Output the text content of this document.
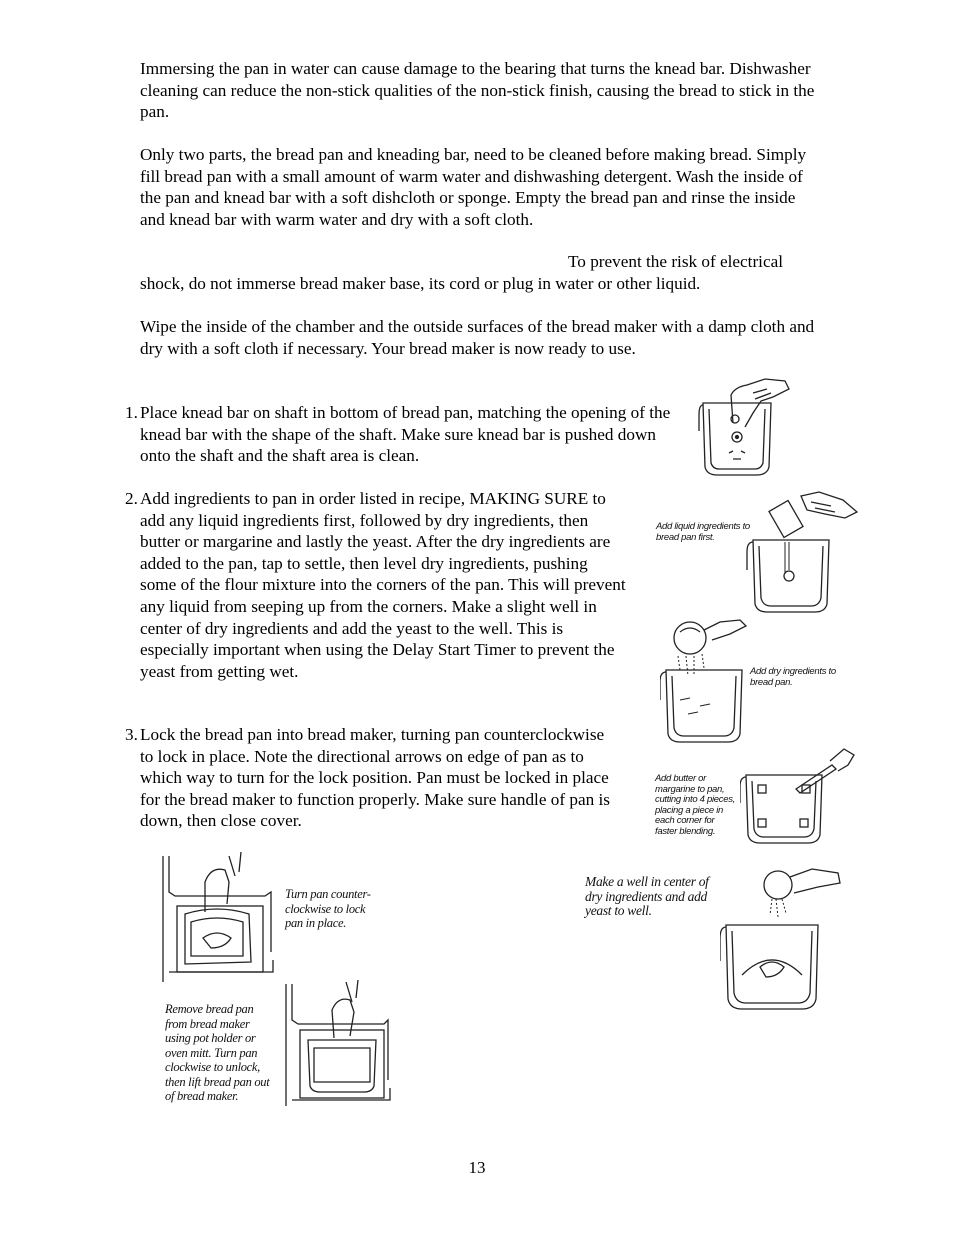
Immersing the pan in water can cause damage to the bearing that turns the knead bar. Dishwasher cleaning can reduce the non-stick qualities of the non-stick finish, causing the bread to stick in the pan.

Only two parts, the bread pan and kneading bar, need to be cleaned before making bread. Simply fill bread pan with a small amount of warm water and dishwashing detergent. Wash the inside of the pan and knead bar with a soft dishcloth or sponge. Empty the bread pan and rinse the inside and knead bar with warm water and dry with a soft cloth.

To prevent the risk of electrical
shock, do not immerse bread maker base, its cord or plug in water or other liquid.

Wipe the inside of the chamber and the outside surfaces of the bread maker with a damp cloth and dry with a soft cloth if necessary. Your bread maker is now ready to use.

1. Place knead bar on shaft in bottom of bread pan, matching the opening of the knead bar with the shape of the shaft. Make sure knead bar is pushed down onto the shaft and the shaft area is clean.
2. Add ingredients to pan in order listed in recipe, MAKING SURE to add any liquid ingredients first, followed by dry ingredients, then butter or margarine and lastly the yeast. After the dry ingredients are added to the pan, tap to settle, then level dry ingredients, pushing some of the flour mixture into the corners of the pan. This will prevent any liquid from seeping up from the corners. Make a slight well in center of dry ingredients and add the yeast to the well. This is especially important when using the Delay Start Timer to prevent the yeast from getting wet.
3. Lock the bread pan into bread maker, turning pan counterclockwise to lock in place. Note the directional arrows on edge of pan as to which way to turn for the lock position. Pan must be locked in place for the bread maker to function properly. Make sure handle of pan is down, then close cover.
Add liquid ingredients to bread pan first.
Add dry ingredients to bread pan.
Add butter or margarine to pan, cutting into 4 pieces, placing a piece in each corner for faster blending.
Turn pan counter- clockwise to lock pan in place.
Make a well in center of dry ingredients and add yeast to well.
Remove bread pan from bread maker using pot holder or oven mitt. Turn pan clockwise to unlock, then lift bread pan out of bread maker.
13
